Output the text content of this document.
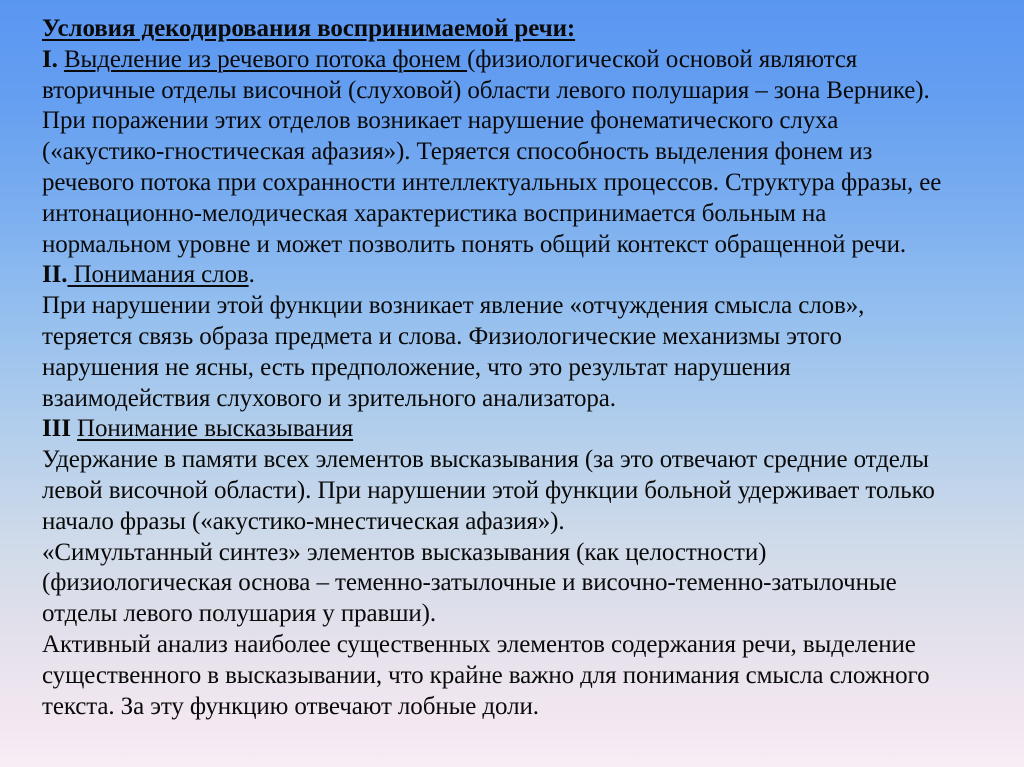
Условия декодирования воспринимаемой речи:
I. Выделение из речевого потока фонем (физиологической основой являются
вторичные отделы височной (слуховой) области левого полушария – зона Вернике).
При поражении этих отделов возникает нарушение фонематического слуха
(«акустико-гностическая афазия»). Теряется способность выделения фонем из
речевого потока при сохранности интеллектуальных процессов. Структура фразы, ее
интонационно-мелодическая характеристика воспринимается больным на
нормальном уровне и может позволить понять общий контекст обращенной речи.
II. Понимания слов.
При нарушении этой функции возникает явление «отчуждения смысла слов»,
теряется связь образа предмета и слова. Физиологические механизмы этого
нарушения не ясны, есть предположение, что это результат нарушения
взаимодействия слухового и зрительного анализатора.
III Понимание высказывания
Удержание в памяти всех элементов высказывания (за это отвечают средние отделы
левой височной области). При нарушении этой функции больной удерживает только
начало фразы («акустико-мнестическая афазия»).
«Симультанный синтез» элементов высказывания (как целостности)
(физиологическая основа – теменно-затылочные и височно-теменно-затылочные
отделы левого полушария у правши).
Активный анализ наиболее существенных элементов содержания речи, выделение
существенного в высказывании, что крайне важно для понимания смысла сложного
текста. За эту функцию отвечают лобные доли.
